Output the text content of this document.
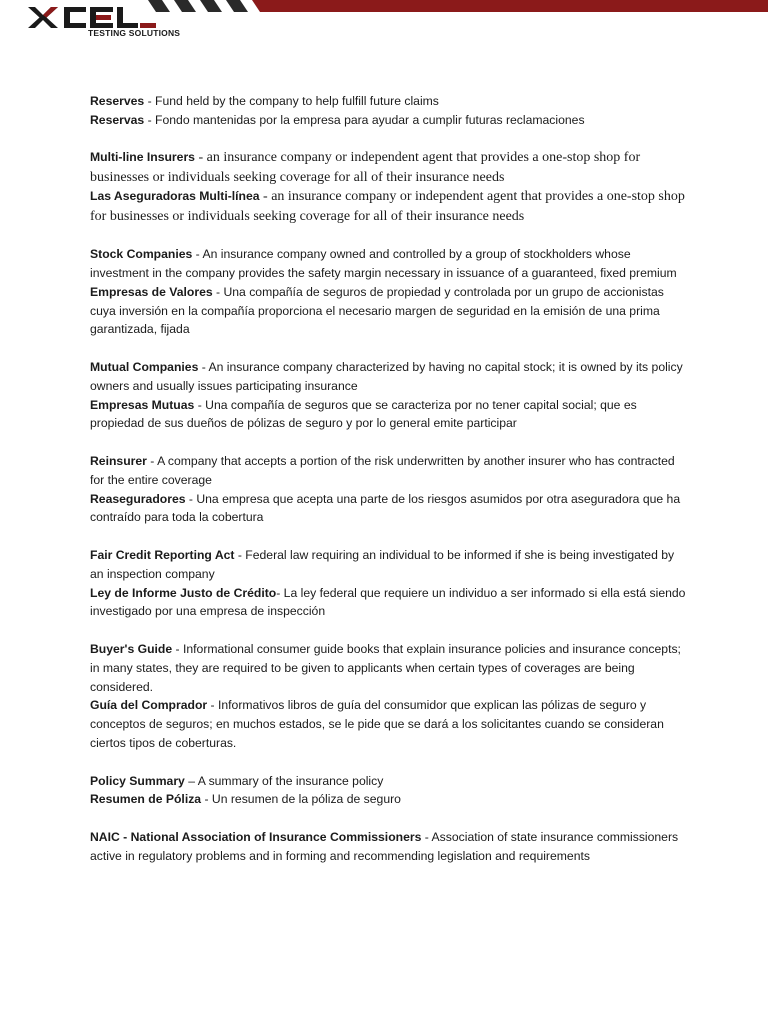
TESTING SOLUTIONS

Reserves - Fund held by the company to help fulfill future claims

Reservas - Fondo mantenidas por la empresa para ayudar a cumplir futuras reclamaciones

Multi-line Insurers - an insurance company or independent agent that provides a one-stop shop for businesses or individuals seeking coverage for all of their insurance needs

Las Aseguradoras Multi-línea - an insurance company or independent agent that provides a one-stop shop for businesses or individuals seeking coverage for all of their insurance needs

Stock Companies - An insurance company owned and controlled by a group of stockholders whose investment in the company provides the safety margin necessary in issuance of a guaranteed, fixed premium

Empresas de Valores - Una compañía de seguros de propiedad y controlada por un grupo de accionistas cuya inversión en la compañía proporciona el necesario margen de seguridad en la emisión de una prima garantizada, fijada

Mutual Companies - An insurance company characterized by having no capital stock; it is owned by its policy owners and usually issues participating insurance

Empresas Mutuas - Una compañía de seguros que se caracteriza por no tener capital social; que es propiedad de sus dueños de pólizas de seguro y por lo general emite participar

Reinsurer - A company that accepts a portion of the risk underwritten by another insurer who has contracted for the entire coverage

Reaseguradores - Una empresa que acepta una parte de los riesgos asumidos por otra aseguradora que ha contraído para toda la cobertura

Fair Credit Reporting Act - Federal law requiring an individual to be informed if she is being investigated by an inspection company

Ley de Informe Justo de Crédito- La ley federal que requiere un individuo a ser informado si ella está siendo investigado por una empresa de inspección

Buyer's Guide - Informational consumer guide books that explain insurance policies and insurance concepts; in many states, they are required to be given to applicants when certain types of coverages are being considered.

Guía del Comprador - Informativos libros de guía del consumidor que explican las pólizas de seguro y conceptos de seguros; en muchos estados, se le pide que se dará a los solicitantes cuando se consideran ciertos tipos de coberturas.

Policy Summary – A summary of the insurance policy

Resumen de Póliza - Un resumen de la póliza de seguro

NAIC - National Association of Insurance Commissioners - Association of state insurance commissioners active in regulatory problems and in forming and recommending legislation and requirements
